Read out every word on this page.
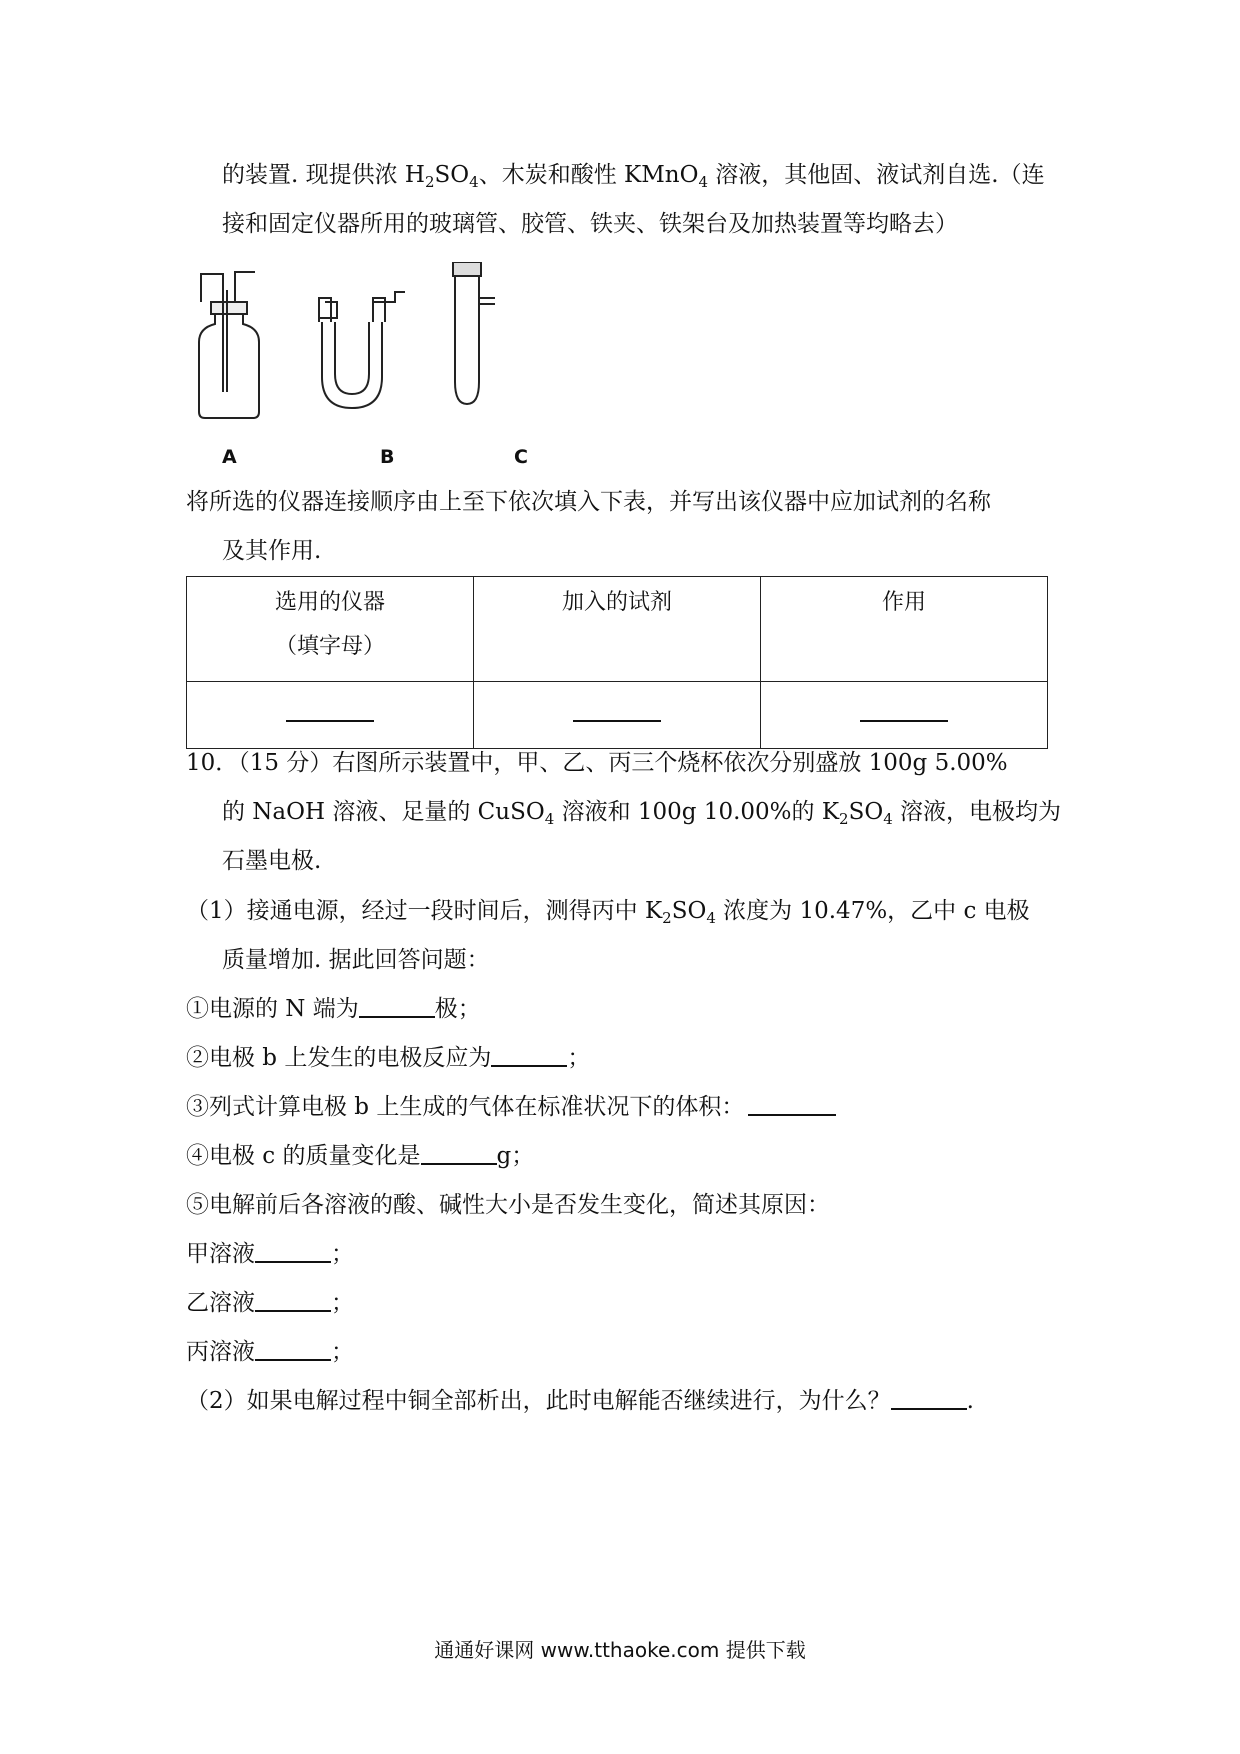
的装置. 现提供浓 $H_2SO_4$、木炭和酸性 KMnO$_4$ 溶液，其他固、液试剂自选.（连
接和固定仪器所用的玻璃管、胶管、铁夹、铁架台及加热装置等均略去）
A	B	C
将所选的仪器连接顺序由上至下依次填入下表，并写出该仪器中应加试剂的名称
及其作用.
选用的仪器
（填字母）	加入的试剂	作用

10．（15 分）右图所示装置中，甲、乙、丙三个烧杯依次分别盛放 100g 5.00%
的 NaOH 溶液、足量的 CuSO$_4$ 溶液和 100g 10.00%的 $K_2SO_4$ 溶液，电极均为
石墨电极.
（1）接通电源，经过一段时间后，测得丙中 $K_2SO_4$ 浓度为 10.47%，乙中 c 电极
质量增加. 据此回答问题：
①电源的 N 端为	极；
②电极 b 上发生的电极反应为	；
③列式计算电极 b 上生成的气体在标准状况下的体积：
④电极 c 的质量变化是	g；
⑤电解前后各溶液的酸、碱性大小是否发生变化，简述其原因：
甲溶液	；
乙溶液	；
丙溶液	；
（2）如果电解过程中铜全部析出，此时电解能否继续进行，为什么？	.
通通好课网 www.tthaoke.com 提供下载
